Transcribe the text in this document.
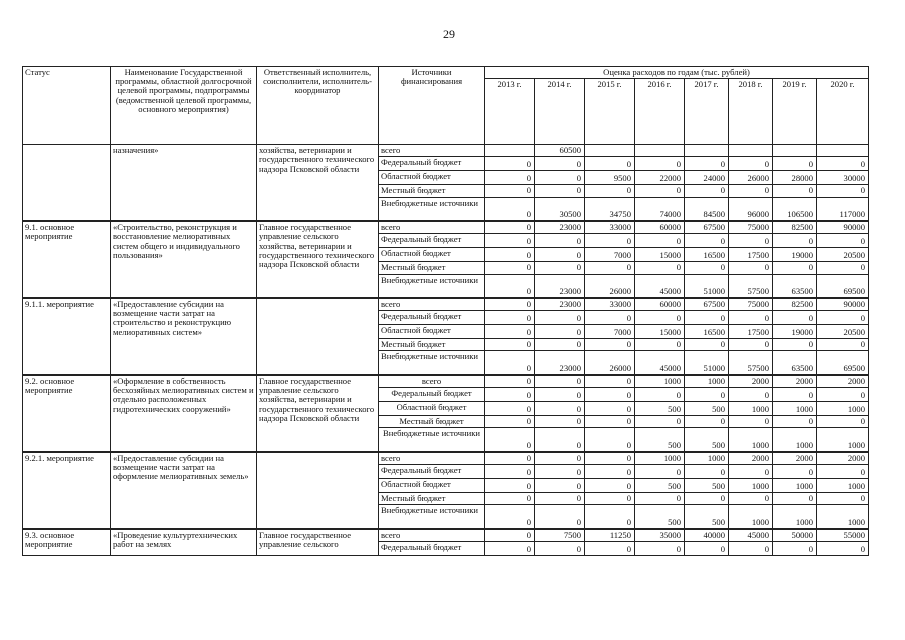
29
Статус	Наименование Государственной программы, областной долгосрочной целевой программы, подпрограммы (ведомственной целевой программы, основного мероприятия)	Ответственный исполнитель, соисполнители, исполнитель-координатор	Источники финансирования	Оценка расходов по годам (тыс. рублей)							
				2013 г.	2014 г.	2015 г.	2016 г.	2017 г.	2018 г.	2019 г.	2020 г.
	назначения»	хозяйства, ветеринарии и государственного технического надзора Псковской области	всего		60500						
			Федеральный бюджет	0	0	0	0	0	0	0	0
			Областной бюджет	0	0	9500	22000	24000	26000	28000	30000
			Местный бюджет	0	0	0	0	0	0	0	0
			Внебюджетные источники	0	30500	34750	74000	84500	96000	106500	117000
9.1. основное мероприятие	«Строительство, реконструкция и восстановление мелиоративных систем общего и индивидуального пользования»	Главное государственное управление сельского хозяйства, ветеринарии и государственного технического надзора Псковской области	всего	0	23000	33000	60000	67500	75000	82500	90000
			Федеральный бюджет	0	0	0	0	0	0	0	0
			Областной бюджет	0	0	7000	15000	16500	17500	19000	20500
			Местный бюджет	0	0	0	0	0	0	0	0
			Внебюджетные источники	0	23000	26000	45000	51000	57500	63500	69500
9.1.1. мероприятие	«Предоставление субсидии на возмещение части затрат на строительство и реконструкцию мелиоративных систем»		всего	0	23000	33000	60000	67500	75000	82500	90000
			Федеральный бюджет	0	0	0	0	0	0	0	0
			Областной бюджет	0	0	7000	15000	16500	17500	19000	20500
			Местный бюджет	0	0	0	0	0	0	0	0
			Внебюджетные источники	0	23000	26000	45000	51000	57500	63500	69500
9.2. основное мероприятие	«Оформление в собственность бесхозяйных мелиоративных систем и отдельно расположенных гидротехнических сооружений»	Главное государственное управление сельского хозяйства, ветеринарии и государственного технического надзора Псковской области	всего	0	0	0	1000	1000	2000	2000	2000
			Федеральный бюджет	0	0	0	0	0	0	0	0
			Областной бюджет	0	0	0	500	500	1000	1000	1000
			Местный бюджет	0	0	0	0	0	0	0	0
			Внебюджетные источники	0	0	0	500	500	1000	1000	1000
9.2.1. мероприятие	«Предоставление субсидии на возмещение части затрат на оформление мелиоративных земель»		всего	0	0	0	1000	1000	2000	2000	2000
			Федеральный бюджет	0	0	0	0	0	0	0	0
			Областной бюджет	0	0	0	500	500	1000	1000	1000
			Местный бюджет	0	0	0	0	0	0	0	0
			Внебюджетные источники	0	0	0	500	500	1000	1000	1000
9.3. основное мероприятие	«Проведение культуртехнических работ на землях	Главное государственное управление сельского	всего	0	7500	11250	35000	40000	45000	50000	55000
			Федеральный бюджет	0	0	0	0	0	0	0	0
